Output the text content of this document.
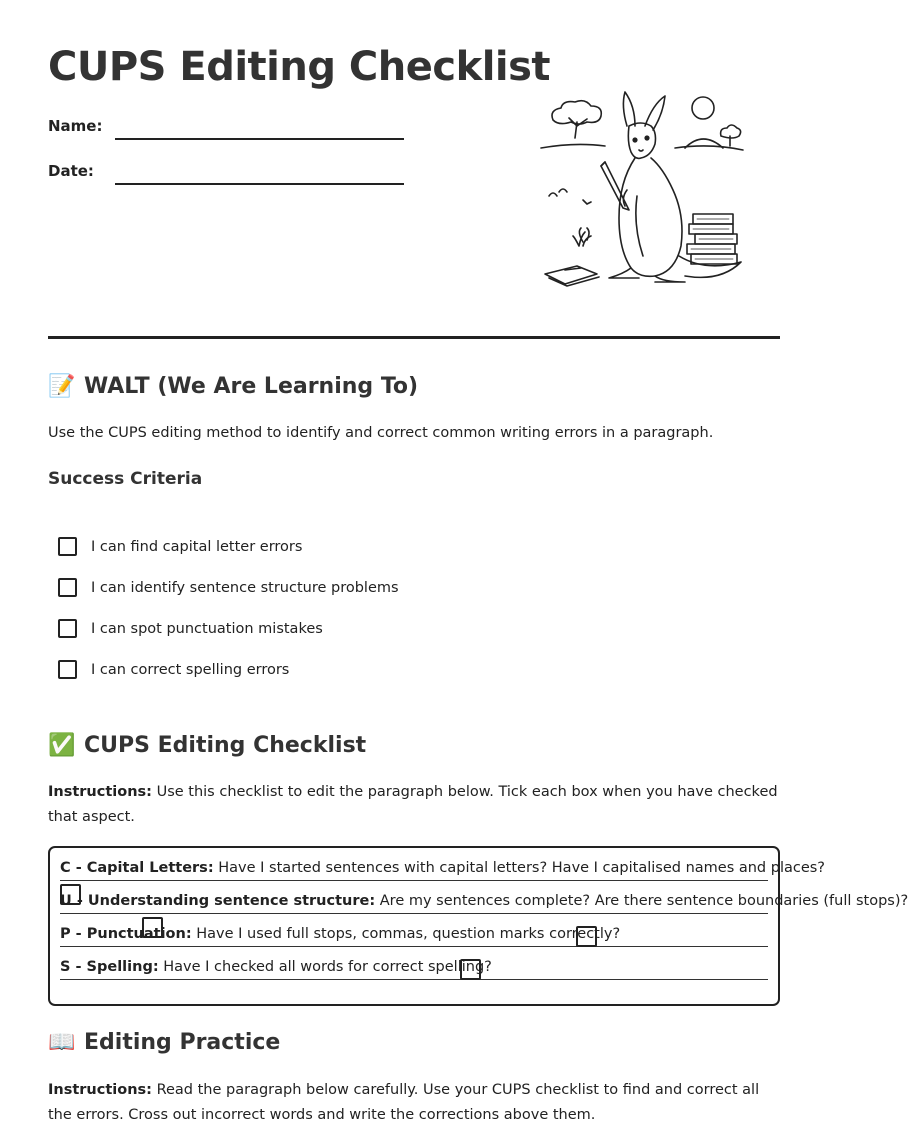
CUPS Editing Checklist
Name:
Date:
📝 WALT (We Are Learning To)

Use the CUPS editing method to identify and correct common writing errors in a paragraph.

Success Criteria
I can find capital letter errors
I can identify sentence structure problems
I can spot punctuation mistakes
I can correct spelling errors
✅ CUPS Editing Checklist

Instructions: Use this checklist to edit the paragraph below. Tick each box when you have checked that aspect.

C - Capital Letters: Have I started sentences with capital letters? Have I capitalised names and places?
U - Understanding sentence structure: Are my sentences complete? Are there sentence boundaries (full stops)?
P - Punctuation: Have I used full stops, commas, question marks correctly?
S - Spelling: Have I checked all words for correct spelling?
📖 Editing Practice

Instructions: Read the paragraph below carefully. Use your CUPS checklist to find and correct all the errors. Cross out incorrect words and write the corrections above them.
